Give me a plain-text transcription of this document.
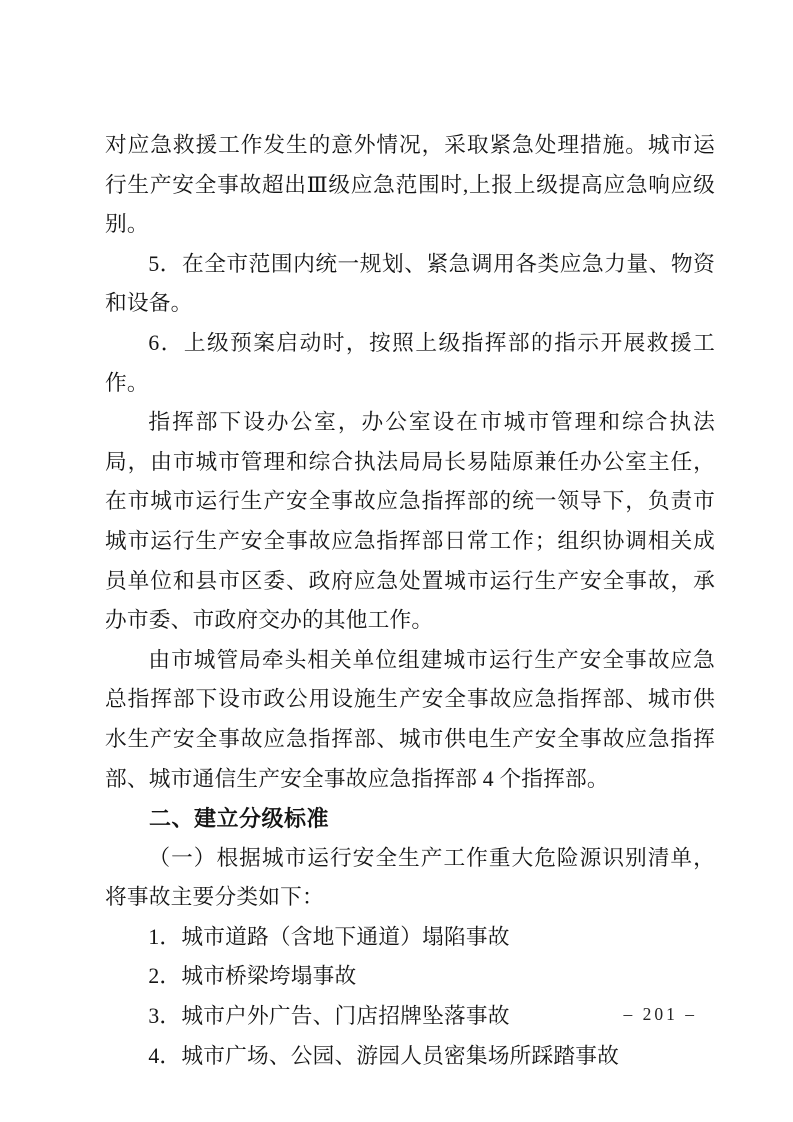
对应急救援工作发生的意外情况，采取紧急处理措施。城市运行生产安全事故超出Ⅲ级应急范围时,上报上级提高应急响应级别。

5．在全市范围内统一规划、紧急调用各类应急力量、物资和设备。

6．上级预案启动时，按照上级指挥部的指示开展救援工作。

指挥部下设办公室，办公室设在市城市管理和综合执法局，由市城市管理和综合执法局局长易陆原兼任办公室主任，在市城市运行生产安全事故应急指挥部的统一领导下，负责市城市运行生产安全事故应急指挥部日常工作；组织协调相关成员单位和县市区委、政府应急处置城市运行生产安全事故，承办市委、市政府交办的其他工作。

由市城管局牵头相关单位组建城市运行生产安全事故应急总指挥部下设市政公用设施生产安全事故应急指挥部、城市供水生产安全事故应急指挥部、城市供电生产安全事故应急指挥部、城市通信生产安全事故应急指挥部 4 个指挥部。

二、建立分级标准

（一）根据城市运行安全生产工作重大危险源识别清单，将事故主要分类如下：

1．城市道路（含地下通道）塌陷事故

2．城市桥梁垮塌事故

3．城市户外广告、门店招牌坠落事故

4．城市广场、公园、游园人员密集场所踩踏事故

– 201 –
